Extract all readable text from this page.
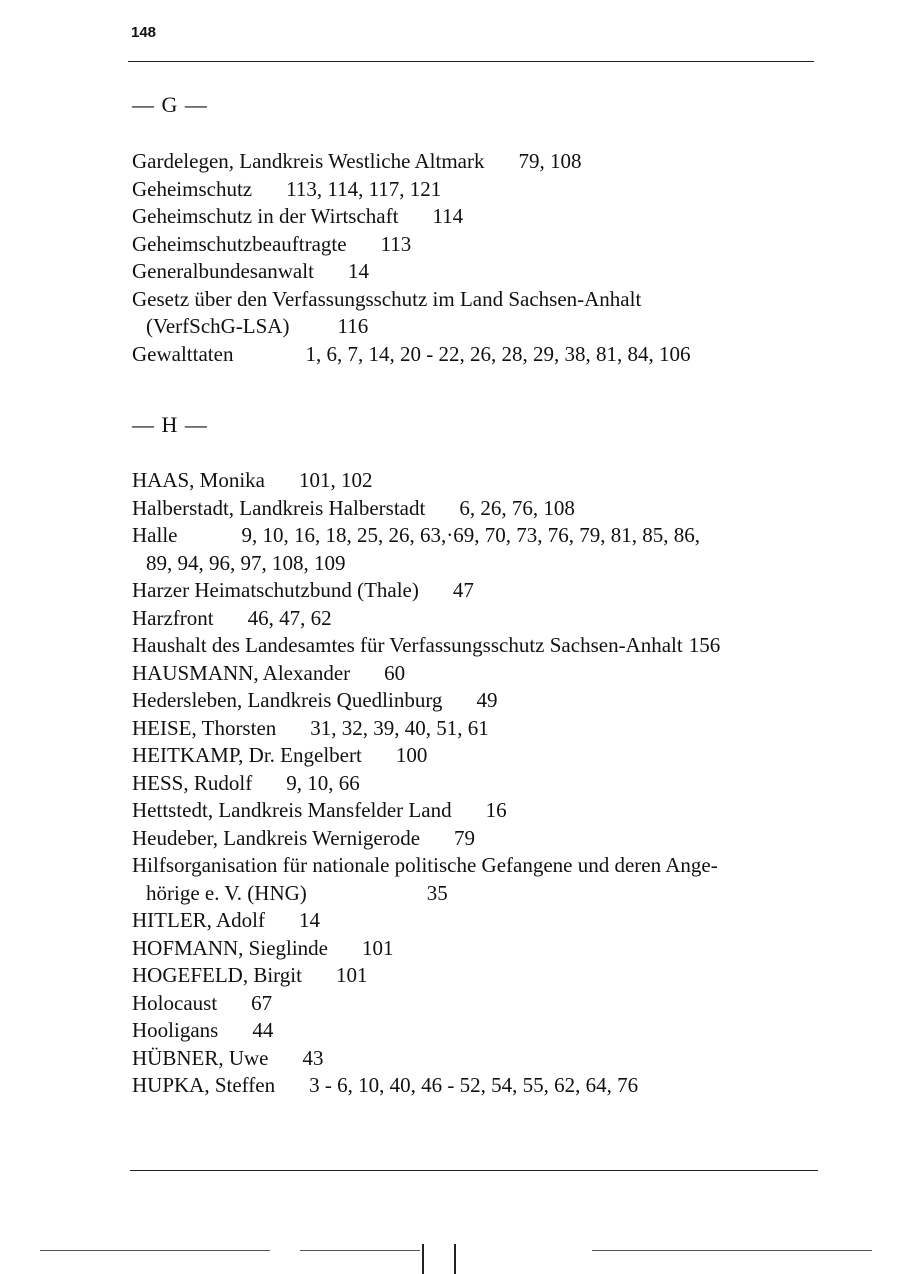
148
— G —
Gardelegen, Landkreis Westliche Altmark 79, 108
Geheimschutz 113, 114, 117, 121
Geheimschutz in der Wirtschaft 114
Geheimschutzbeauftragte 113
Generalbundesanwalt 14
Gesetz über den Verfassungsschutz im Land Sachsen-Anhalt
(VerfSchG-LSA) 116
Gewalttaten	1, 6, 7, 14, 20 - 22, 26, 28, 29, 38, 81, 84, 106
— H —
HAAS, Monika 101, 102
Halberstadt, Landkreis Halberstadt 6, 26, 76, 108
Halle	9, 10, 16, 18, 25, 26, 63,·69, 70, 73, 76, 79, 81, 85, 86,
89, 94, 96, 97, 108, 109
Harzer Heimatschutzbund (Thale) 47
Harzfront 46, 47, 62
Haushalt des Landesamtes für Verfassungsschutz Sachsen-Anhalt 156
HAUSMANN, Alexander 60
Hedersleben, Landkreis Quedlinburg 49
HEISE, Thorsten 31, 32, 39, 40, 51, 61
HEITKAMP, Dr. Engelbert 100
HESS, Rudolf 9, 10, 66
Hettstedt, Landkreis Mansfelder Land 16
Heudeber, Landkreis Wernigerode 79
Hilfsorganisation für nationale politische Gefangene und deren Ange-
hörige e. V. (HNG)	35
HITLER, Adolf 14
HOFMANN, Sieglinde 101
HOGEFELD, Birgit 101
Holocaust 67
Hooligans 44
HÜBNER, Uwe 43
HUPKA, Steffen 3 - 6, 10, 40, 46 - 52, 54, 55, 62, 64, 76
